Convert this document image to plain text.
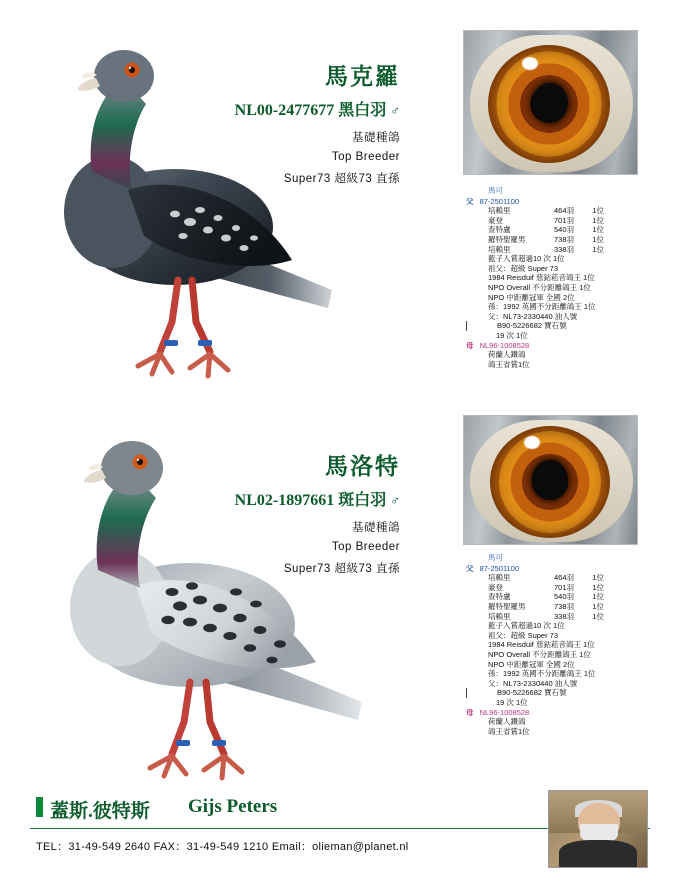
馬克羅
NL00-2477677 黑白羽 ♂
基礎種鴿
Top Breeder
Super73 超級73 直孫
馬可
父 87-2501100
培賴里	464羽 1位
豪登	701羽 1位
查特盧	540羽 1位
羅特聖羅男	738羽 1位
培賴里	338羽 1位
藍子入賞超過10 次 1位
祖父：超級 Super 73
1984 Reisduif 慈鈷菘音鴿王 1位
NPO Overall 不分距離鴿王 1位
NPO 中距離冠軍 全國 2位
孫：1992 英國不分距離鴿王 1位
父：NL73-2330440 油人號
B90-5226682 寶石號
19 次 1位
母 NL96-1008528
荷蘭人鑽鴿
鴿王省賞1位
馬洛特
NL02-1897661 斑白羽 ♂
基礎種鴿
Top Breeder
Super73 超級73 直孫
馬可
父 87-2501100
培賴里	464羽 1位
豪登	701羽 1位
查特盧	540羽 1位
羅特聖羅男	738羽 1位
培賴里	338羽 1位
藍子入賞超過10 次 1位
祖父：超級 Super 73
1984 Reisduif 慈鈷菘音鴿王 1位
NPO Overall 不分距離鴿王 1位
NPO 中距離冠軍 全國 2位
孫：1992 英國不分距離鴿王 1位
父：NL73-2330440 油人號
B90-5226682 寶石號
19 次 1位
母 NL96-1008528
荷蘭人鑽鴿
鴿王省賞1位
蓋斯.彼特斯 Gijs Peters
TEL：31-49-549 2640 FAX：31-49-549 1210 Email：olieman@planet.nl
